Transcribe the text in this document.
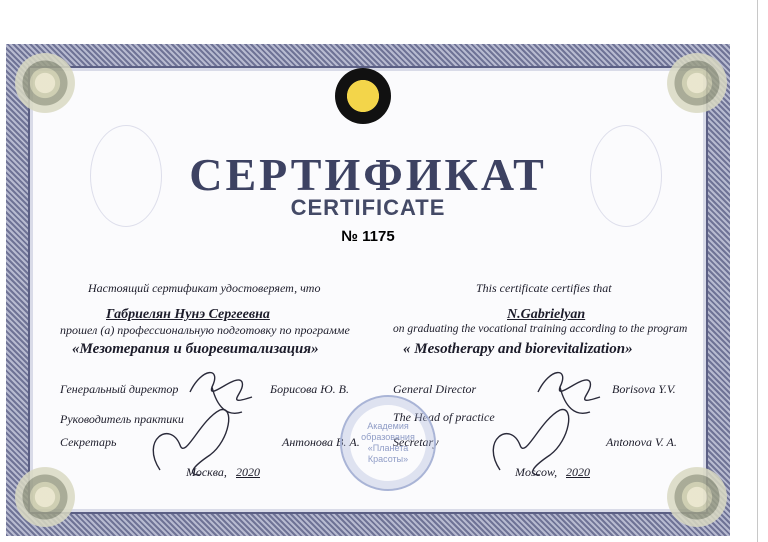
СЕРТИФИКАТ
CERTIFICATE
№ 1175
Настоящий сертификат удостоверяет, что
Габриелян Нунэ Сергеевна
прошел (а) профессиональную подготовку по программе
«Мезотерапия и биоревитализация»
Генеральный директор	Борисова Ю. В.
Руководитель практики
Секретарь	Антонова В. А.
Москва, 2020
This certificate certifies that
N.Gabrielyan
on graduating the vocational training according to the program
« Mesotherapy and biorevitalization»
General Director	Borisova Y.V.
The Head of practice
Secretary	Antonova V. A.
Moscow, 2020
Академия образования «Планета Красоты»
